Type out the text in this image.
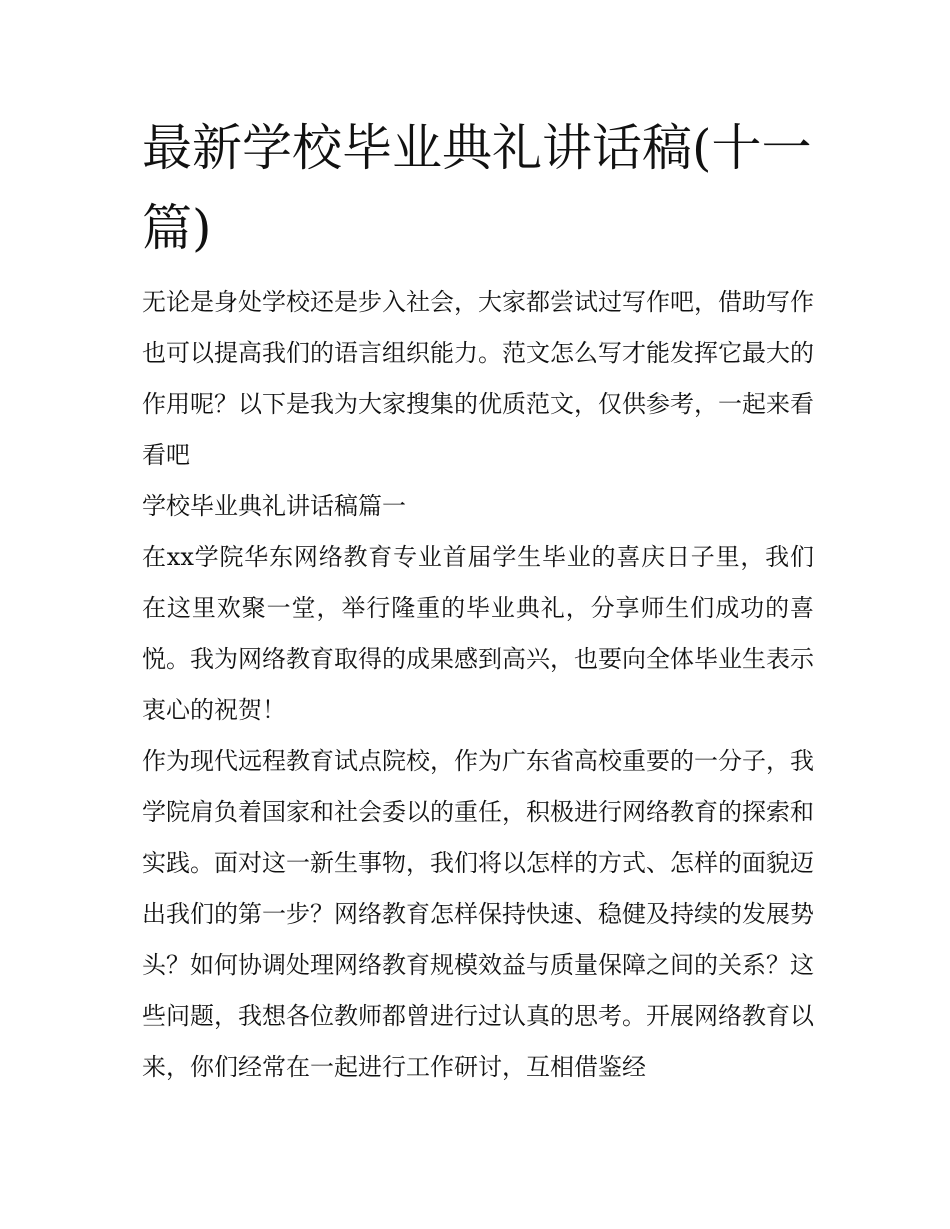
最新学校毕业典礼讲话稿(十一篇)

无论是身处学校还是步入社会，大家都尝试过写作吧，借助写作也可以提高我们的语言组织能力。范文怎么写才能发挥它最大的作用呢？以下是我为大家搜集的优质范文，仅供参考，一起来看看吧

学校毕业典礼讲话稿篇一

在xx学院华东网络教育专业首届学生毕业的喜庆日子里，我们在这里欢聚一堂，举行隆重的毕业典礼，分享师生们成功的喜悦。我为网络教育取得的成果感到高兴，也要向全体毕业生表示衷心的祝贺！

作为现代远程教育试点院校，作为广东省高校重要的一分子，我学院肩负着国家和社会委以的重任，积极进行网络教育的探索和实践。面对这一新生事物，我们将以怎样的方式、怎样的面貌迈出我们的第一步？网络教育怎样保持快速、稳健及持续的发展势头？如何协调处理网络教育规模效益与质量保障之间的关系？这些问题，我想各位教师都曾进行过认真的思考。开展网络教育以来，你们经常在一起进行工作研讨，互相借鉴经
